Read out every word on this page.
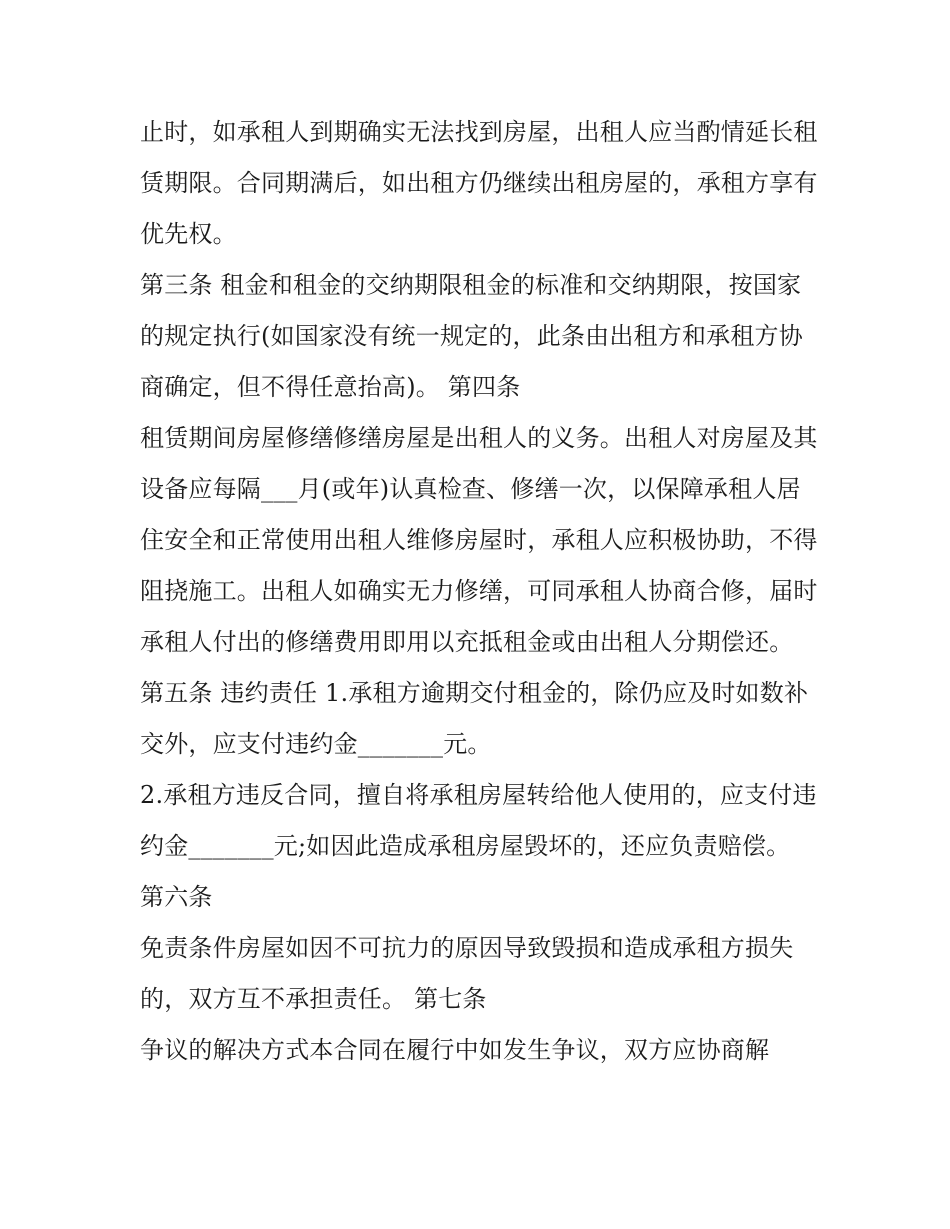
止时，如承租人到期确实无法找到房屋，出租人应当酌情延长租赁期限。合同期满后，如出租方仍继续出租房屋的，承租方享有优先权。

第三条 租金和租金的交纳期限租金的标准和交纳期限，按国家的规定执行(如国家没有统一规定的，此条由出租方和承租方协商确定，但不得任意抬高)。 第四条

租赁期间房屋修缮修缮房屋是出租人的义务。出租人对房屋及其设备应每隔___月(或年)认真检查、修缮一次，以保障承租人居住安全和正常使用出租人维修房屋时，承租人应积极协助，不得阻挠施工。出租人如确实无力修缮，可同承租人协商合修，届时承租人付出的修缮费用即用以充抵租金或由出租人分期偿还。

第五条 违约责任 1.承租方逾期交付租金的，除仍应及时如数补交外，应支付违约金_______元。

2.承租方违反合同，擅自将承租房屋转给他人使用的，应支付违约金_______元;如因此造成承租房屋毁坏的，还应负责赔偿。 第六条

免责条件房屋如因不可抗力的原因导致毁损和造成承租方损失的，双方互不承担责任。 第七条

争议的解决方式本合同在履行中如发生争议，双方应协商解
